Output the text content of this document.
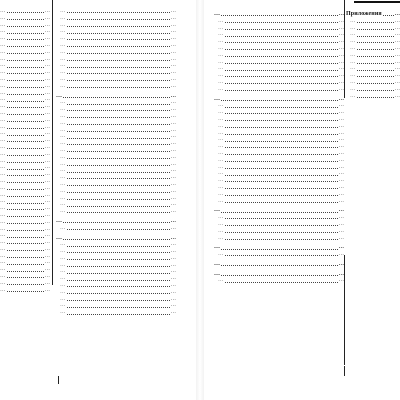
…	…
…	…
…	…
…	…
…	…
…	…
…	…
…	…
…	…
…	…
…	…
…	…
…	…
…	…
…	…
…	…
…	…
…	…
…	…
…	…
…	…
…	…
…	…
…	…
…	…
…	…
…	…
…	…
…	…
…	…
…	…
…	…
…	…
…	…
…	…
…	…
…	…
…	…
…	…
…	…
…	…
…	…
…	…
…	…
…	…
…	…
…	…
…	…
…	…
…	…
…	…
…	…
…	…
…	…
…	…
…	…
…	…
…	…
…	…
…	…
…	…
…	…
…	…
…	…
…	…
…	…
…	…
…	…
…	…
…	…
…	…
…	…
…	…
…	…
…	…
…	…
…	…
…	…
…	…
…	…
…	…
…	…
…	…
…	…
…	…
…	…
…	…
…	…
…	…
…	…
…	…
…	…
…	…
…	…
…	…
…	…
…	…
…	…
…	…
…	…
…	…
…	…
…	…
…	…
…	…
…	…
…	…
…	…
…	…
…	…
…	…
…	…
…	…
…	…
…	…
…	…
…	…
…	…
…	…
…	…
…	…
…	…
…	…
…	…
Приложения …
…	…
…	…
…	…
…	…
…	…
…	…
…	…
…	…
…	…
…	…
…	…
…	…
